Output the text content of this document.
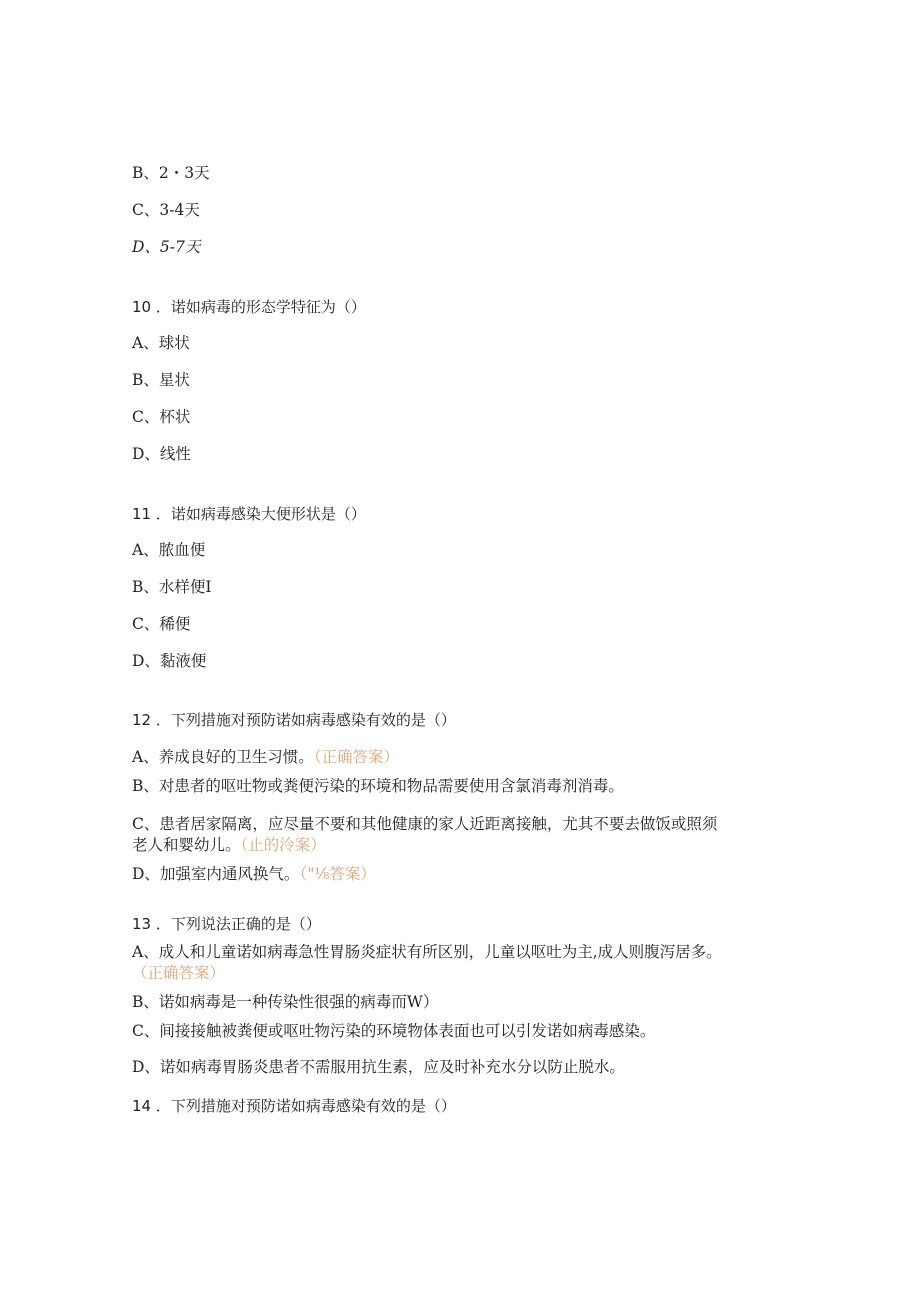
B、2・3天
C、3-4天
D、5-7天
10 ．诺如病毒的形态学特征为（）
A、球状
B、星状
C、杯状
D、线性
11 ．诺如病毒感染大便形状是（）
A、脓血便
B、水样便I
C、稀便
D、黏液便
12 ．下列措施对预防诺如病毒感染有效的是（）
A、养成良好的卫生习惯。（正确答案）
B、对患者的呕吐物或粪便污染的环境和物品需要使用含氯消毒剂消毒。
C、患者居家隔离，应尽量不要和其他健康的家人近距离接触，尤其不要去做饭或照须
老人和婴幼儿。（止的泠案）
D、加强室内通风换气。（"⅛答案）
13 ．下列说法正确的是（）
A、成人和儿童诺如病毒急性胃肠炎症状有所区别，儿童以呕吐为主,成人则腹泻居多。
（正确答案）
B、诺如病毒是一种传染性很强的病毒而W）
C、间接接触被粪便或呕吐物污染的环境物体表面也可以引发诺如病毒感染。
D、诺如病毒胃肠炎患者不需服用抗生素，应及时补充水分以防止脱水。
14 ．下列措施对预防诺如病毒感染有效的是（）
